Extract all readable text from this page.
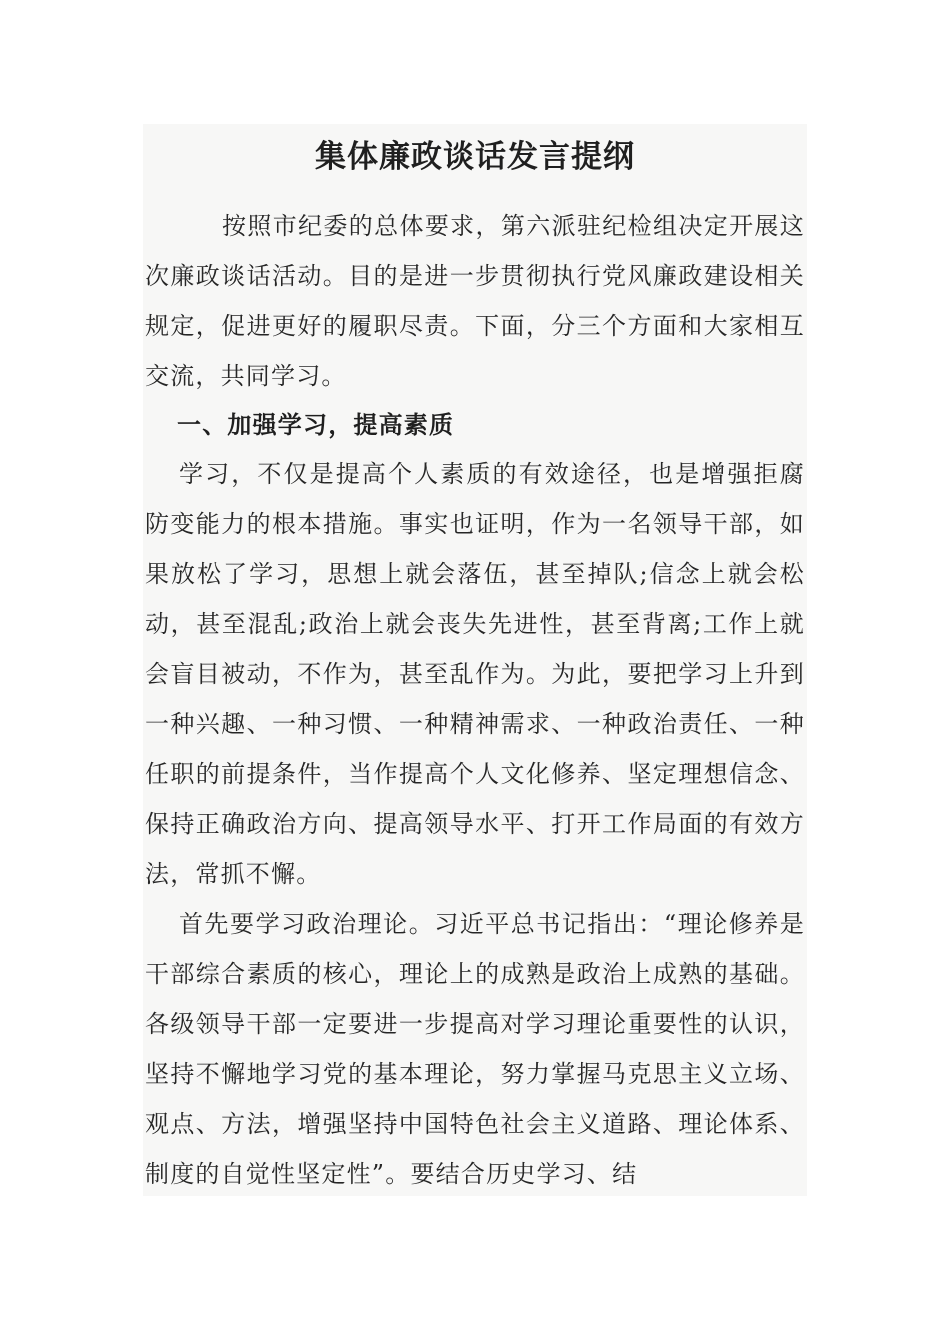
集体廉政谈话发言提纲

按照市纪委的总体要求，第六派驻纪检组决定开展这次廉政谈话活动。目的是进一步贯彻执行党风廉政建设相关规定，促进更好的履职尽责。下面，分三个方面和大家相互交流，共同学习。

一、加强学习，提高素质

学习，不仅是提高个人素质的有效途径，也是增强拒腐防变能力的根本措施。事实也证明，作为一名领导干部，如果放松了学习，思想上就会落伍，甚至掉队;信念上就会松动，甚至混乱;政治上就会丧失先进性，甚至背离;工作上就会盲目被动，不作为，甚至乱作为。为此，要把学习上升到一种兴趣、一种习惯、一种精神需求、一种政治责任、一种任职的前提条件，当作提高个人文化修养、坚定理想信念、保持正确政治方向、提高领导水平、打开工作局面的有效方法，常抓不懈。

首先要学习政治理论。习近平总书记指出：“理论修养是干部综合素质的核心，理论上的成熟是政治上成熟的基础。各级领导干部一定要进一步提高对学习理论重要性的认识，坚持不懈地学习党的基本理论，努力掌握马克思主义立场、观点、方法，增强坚持中国特色社会主义道路、理论体系、制度的自觉性坚定性”。要结合历史学习、结
